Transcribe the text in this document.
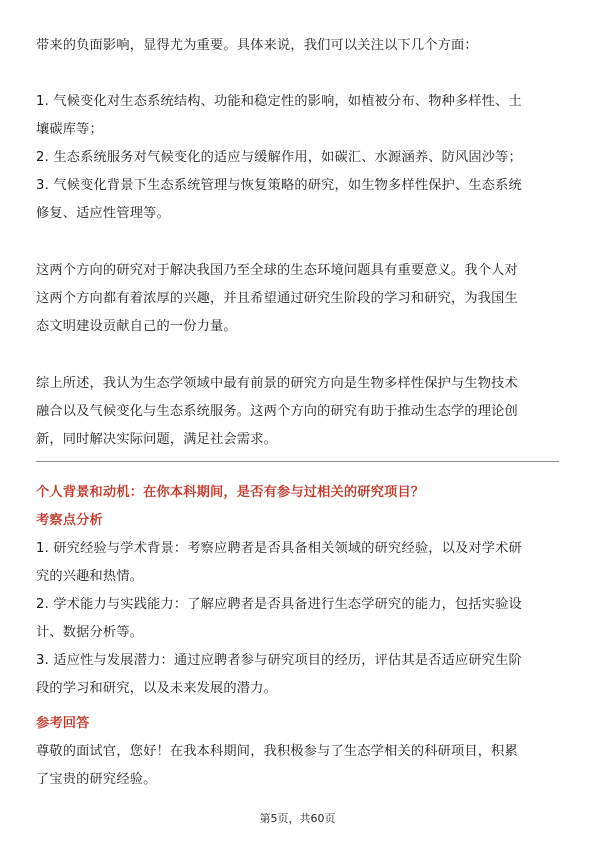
带来的负面影响，显得尤为重要。具体来说，我们可以关注以下几个方面：
1. 气候变化对生态系统结构、功能和稳定性的影响，如植被分布、物种多样性、土
壤碳库等；
2. 生态系统服务对气候变化的适应与缓解作用，如碳汇、水源涵养、防风固沙等；
3. 气候变化背景下生态系统管理与恢复策略的研究，如生物多样性保护、生态系统
修复、适应性管理等。
这两个方向的研究对于解决我国乃至全球的生态环境问题具有重要意义。我个人对
这两个方向都有着浓厚的兴趣，并且希望通过研究生阶段的学习和研究，为我国生
态文明建设贡献自己的一份力量。
综上所述，我认为生态学领域中最有前景的研究方向是生物多样性保护与生物技术
融合以及气候变化与生态系统服务。这两个方向的研究有助于推动生态学的理论创
新，同时解决实际问题，满足社会需求。
个人背景和动机：在你本科期间，是否有参与过相关的研究项目？
考察点分析
1. 研究经验与学术背景：考察应聘者是否具备相关领域的研究经验，以及对学术研
究的兴趣和热情。
2. 学术能力与实践能力：了解应聘者是否具备进行生态学研究的能力，包括实验设
计、数据分析等。
3. 适应性与发展潜力：通过应聘者参与研究项目的经历，评估其是否适应研究生阶
段的学习和研究，以及未来发展的潜力。
参考回答
尊敬的面试官，您好！在我本科期间，我积极参与了生态学相关的科研项目，积累
了宝贵的研究经验。
第5页，共60页
